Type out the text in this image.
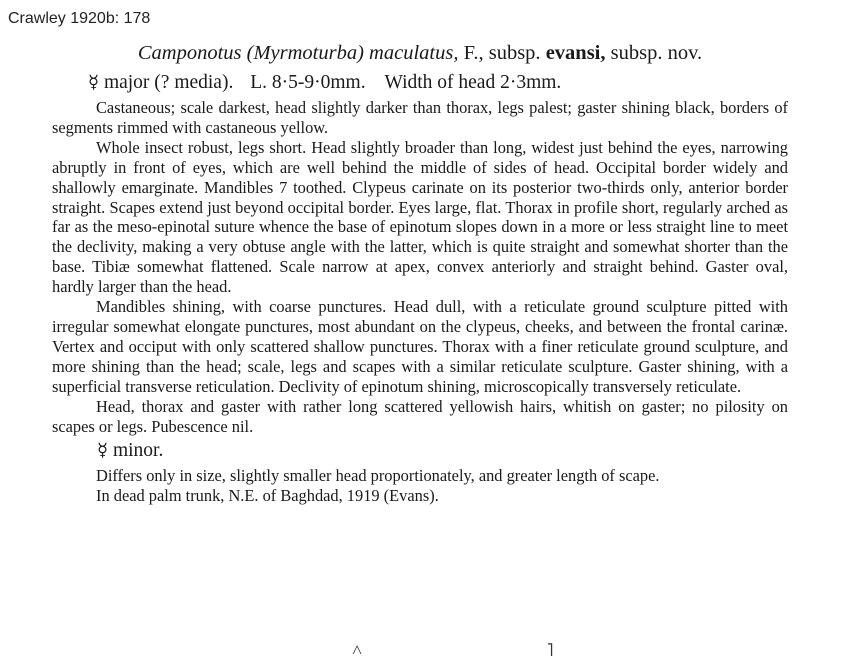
Crawley 1920b: 178
Camponotus (Myrmoturba) maculatus, F., subsp. evansi, subsp. nov.
☿ major (? media). L. 8·5-9·0mm. Width of head 2·3mm.

Castaneous; scale darkest, head slightly darker than thorax, legs palest; gaster shining black, borders of segments rimmed with castaneous yellow.

Whole insect robust, legs short. Head slightly broader than long, widest just behind the eyes, narrowing abruptly in front of eyes, which are well behind the middle of sides of head. Occipital border widely and shallowly emarginate. Mandibles 7 toothed. Clypeus carinate on its posterior two-thirds only, anterior border straight. Scapes extend just beyond occipital border. Eyes large, flat. Thorax in profile short, regularly arched as far as the meso-epinotal suture whence the base of epinotum slopes down in a more or less straight line to meet the declivity, making a very obtuse angle with the latter, which is quite straight and somewhat shorter than the base. Tibiæ somewhat flattened. Scale narrow at apex, convex anteriorly and straight behind. Gaster oval, hardly larger than the head.

Mandibles shining, with coarse punctures. Head dull, with a reticulate ground sculpture pitted with irregular somewhat elongate punctures, most abundant on the clypeus, cheeks, and between the frontal carinæ. Vertex and occiput with only scattered shallow punctures. Thorax with a finer reticulate ground sculpture, and more shining than the head; scale, legs and scapes with a similar reticulate sculpture. Gaster shining, with a superficial transverse reticulation. Declivity of epinotum shining, microscopically transversely reticulate.

Head, thorax and gaster with rather long scattered yellowish hairs, whitish on gaster; no pilosity on scapes or legs. Pubescence nil.

☿ minor.

Differs only in size, slightly smaller head proportionately, and greater length of scape.

In dead palm trunk, N.E. of Baghdad, 1919 (Evans).
˄ ˥
